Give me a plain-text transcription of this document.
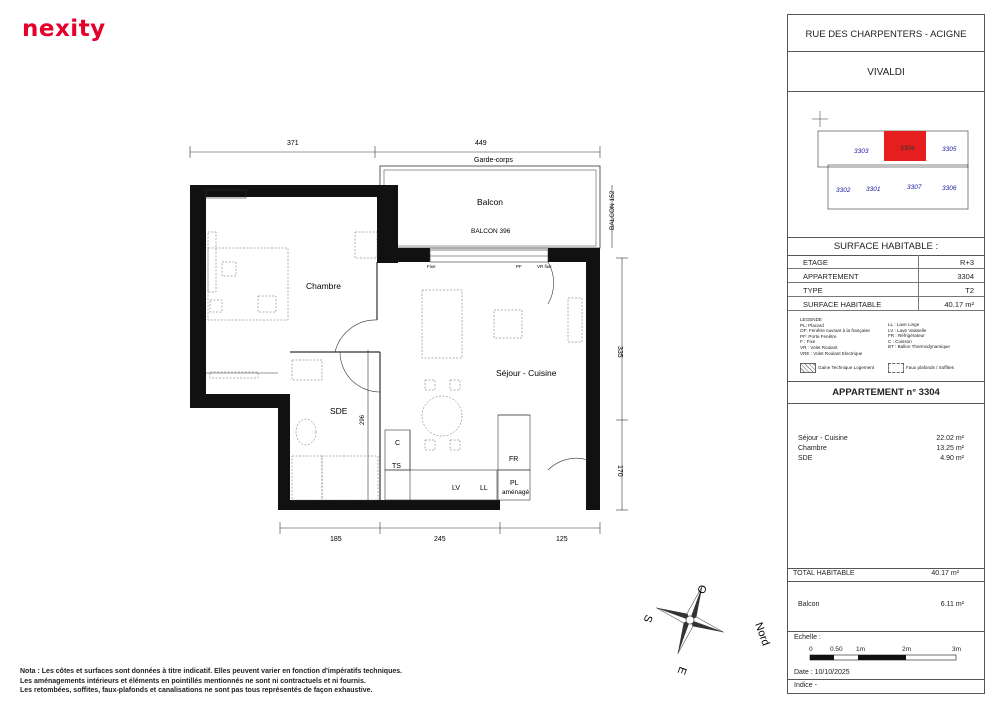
nexity
371	449
185	245	125
335
170
296
BALCON 152
Garde-corps
Balcon
BALCON 396
Fixe	PF	VR fixe
C
TS
FR
LV	LL
PL
aménagé
Chambre
Séjour - Cuisine
SDE
O
S
E
Nord
Nota : Les côtes et surfaces sont données à titre indicatif. Elles peuvent varier en fonction d'impératifs techniques.
Les aménagements intérieurs et éléments en pointillés mentionnés ne sont ni contractuels et ni fournis.
Les retombées, soffites, faux-plafonds et canalisations ne sont pas tous représentés de façon exhaustive.
RUE DES CHARPENTERS - ACIGNE
VIVALDI
3303	3304	3305
3302 3301	3307	3306
SURFACE HABITABLE :
ETAGE	R+3
APPARTEMENT	3304
TYPE	T2
SURFACE HABITABLE	40.17 m²
LEGENDE
PL: Placard
OF: Fenêtre ouvrant à la française
PF: Porte Fenêtre
F : Fixe
VR : Volet Roulant
VRE : Volet Roulant Electrique
LL : Lave Linge
LV : Lave Vaisselle
FR : Réfrigérateur
C : Cuisson
BT : Ballon Thermodynamique
Gaine Technique Logement	Faux plafonds / Soffites
APPARTEMENT n° 3304
Séjour - Cuisine	22.02 m²
Chambre	13.25 m²
SDE	4.90 m²
TOTAL HABITABLE	40.17 m²
Balcon	6.11 m²
Echelle :
0	0.50 1m	2m	3m
Date : 10/10/2025
Indice -
